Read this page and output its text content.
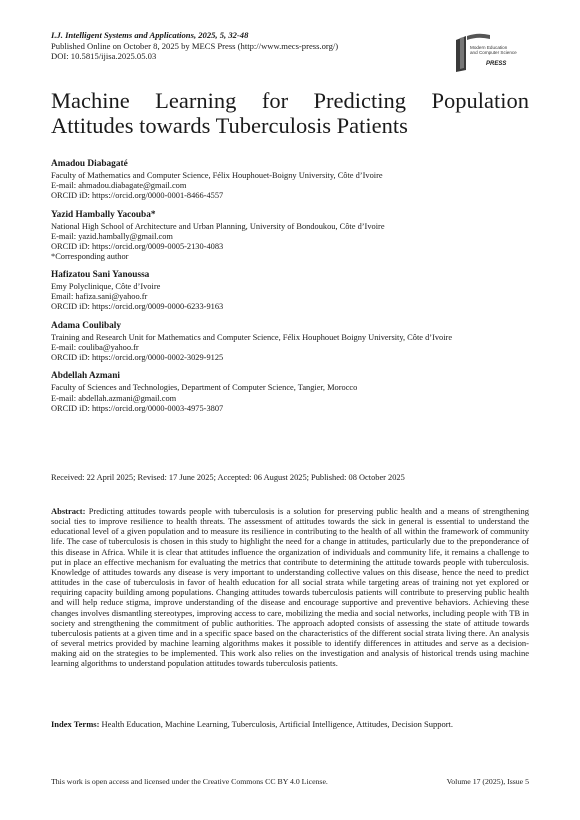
I.J. Intelligent Systems and Applications, 2025, 5, 32-48
Published Online on October 8, 2025 by MECS Press (http://www.mecs-press.org/)
DOI: 10.5815/ijisa.2025.05.03
Modern Education
and Computer Science
PRESS
Machine Learning for Predicting Population
Attitudes towards Tuberculosis Patients
Amadou Diabagaté
Faculty of Mathematics and Computer Science, Félix Houphouet-Boigny University, Côte d’Ivoire
E-mail: ahmadou.diabagate@gmail.com
ORCID iD: https://orcid.org/0000-0001-8466-4557
Yazid Hambally Yacouba*
National High School of Architecture and Urban Planning, University of Bondoukou, Côte d’Ivoire
E-mail: yazid.hambally@gmail.com
ORCID iD: https://orcid.org/0009-0005-2130-4083
*Corresponding author
Hafizatou Sani Yanoussa
Emy Polyclinique, Côte d’Ivoire
Email: hafiza.sani@yahoo.fr
ORCID iD: https://orcid.org/0009-0000-6233-9163
Adama Coulibaly
Training and Research Unit for Mathematics and Computer Science, Félix Houphouet Boigny University, Côte d’Ivoire
E-mail: couliba@yahoo.fr
ORCID iD: https://orcid.org/0000-0002-3029-9125
Abdellah Azmani
Faculty of Sciences and Technologies, Department of Computer Science, Tangier, Morocco
E-mail: abdellah.azmani@gmail.com
ORCID iD: https://orcid.org/0000-0003-4975-3807
Received: 22 April 2025; Revised: 17 June 2025; Accepted: 06 August 2025; Published: 08 October 2025
Abstract: Predicting attitudes towards people with tuberculosis is a solution for preserving public health and a means of strengthening social ties to improve resilience to health threats. The assessment of attitudes towards the sick in general is essential to understand the educational level of a given population and to measure its resilience in contributing to the health of all within the framework of community life. The case of tuberculosis is chosen in this study to highlight the need for a change in attitudes, particularly due to the preponderance of this disease in Africa. While it is clear that attitudes influence the organization of individuals and community life, it remains a challenge to put in place an effective mechanism for evaluating the metrics that contribute to determining the attitude towards people with tuberculosis. Knowledge of attitudes towards any disease is very important to understanding collective values on this disease, hence the need to predict attitudes in the case of tuberculosis in favor of health education for all social strata while targeting areas of training not yet explored or requiring capacity building among populations. Changing attitudes towards tuberculosis patients will contribute to preserving public health and will help reduce stigma, improve understanding of the disease and encourage supportive and preventive behaviors. Achieving these changes involves dismantling stereotypes, improving access to care, mobilizing the media and social networks, including people with TB in society and strengthening the commitment of public authorities. The approach adopted consists of assessing the state of attitude towards tuberculosis patients at a given time and in a specific space based on the characteristics of the different social strata living there. An analysis of several metrics provided by machine learning algorithms makes it possible to identify differences in attitudes and serve as a decision-making aid on the strategies to be implemented. This work also relies on the investigation and analysis of historical trends using machine learning algorithms to understand population attitudes towards tuberculosis patients.
Index Terms: Health Education, Machine Learning, Tuberculosis, Artificial Intelligence, Attitudes, Decision Support.
This work is open access and licensed under the Creative Commons CC BY 4.0 License.	Volume 17 (2025), Issue 5
